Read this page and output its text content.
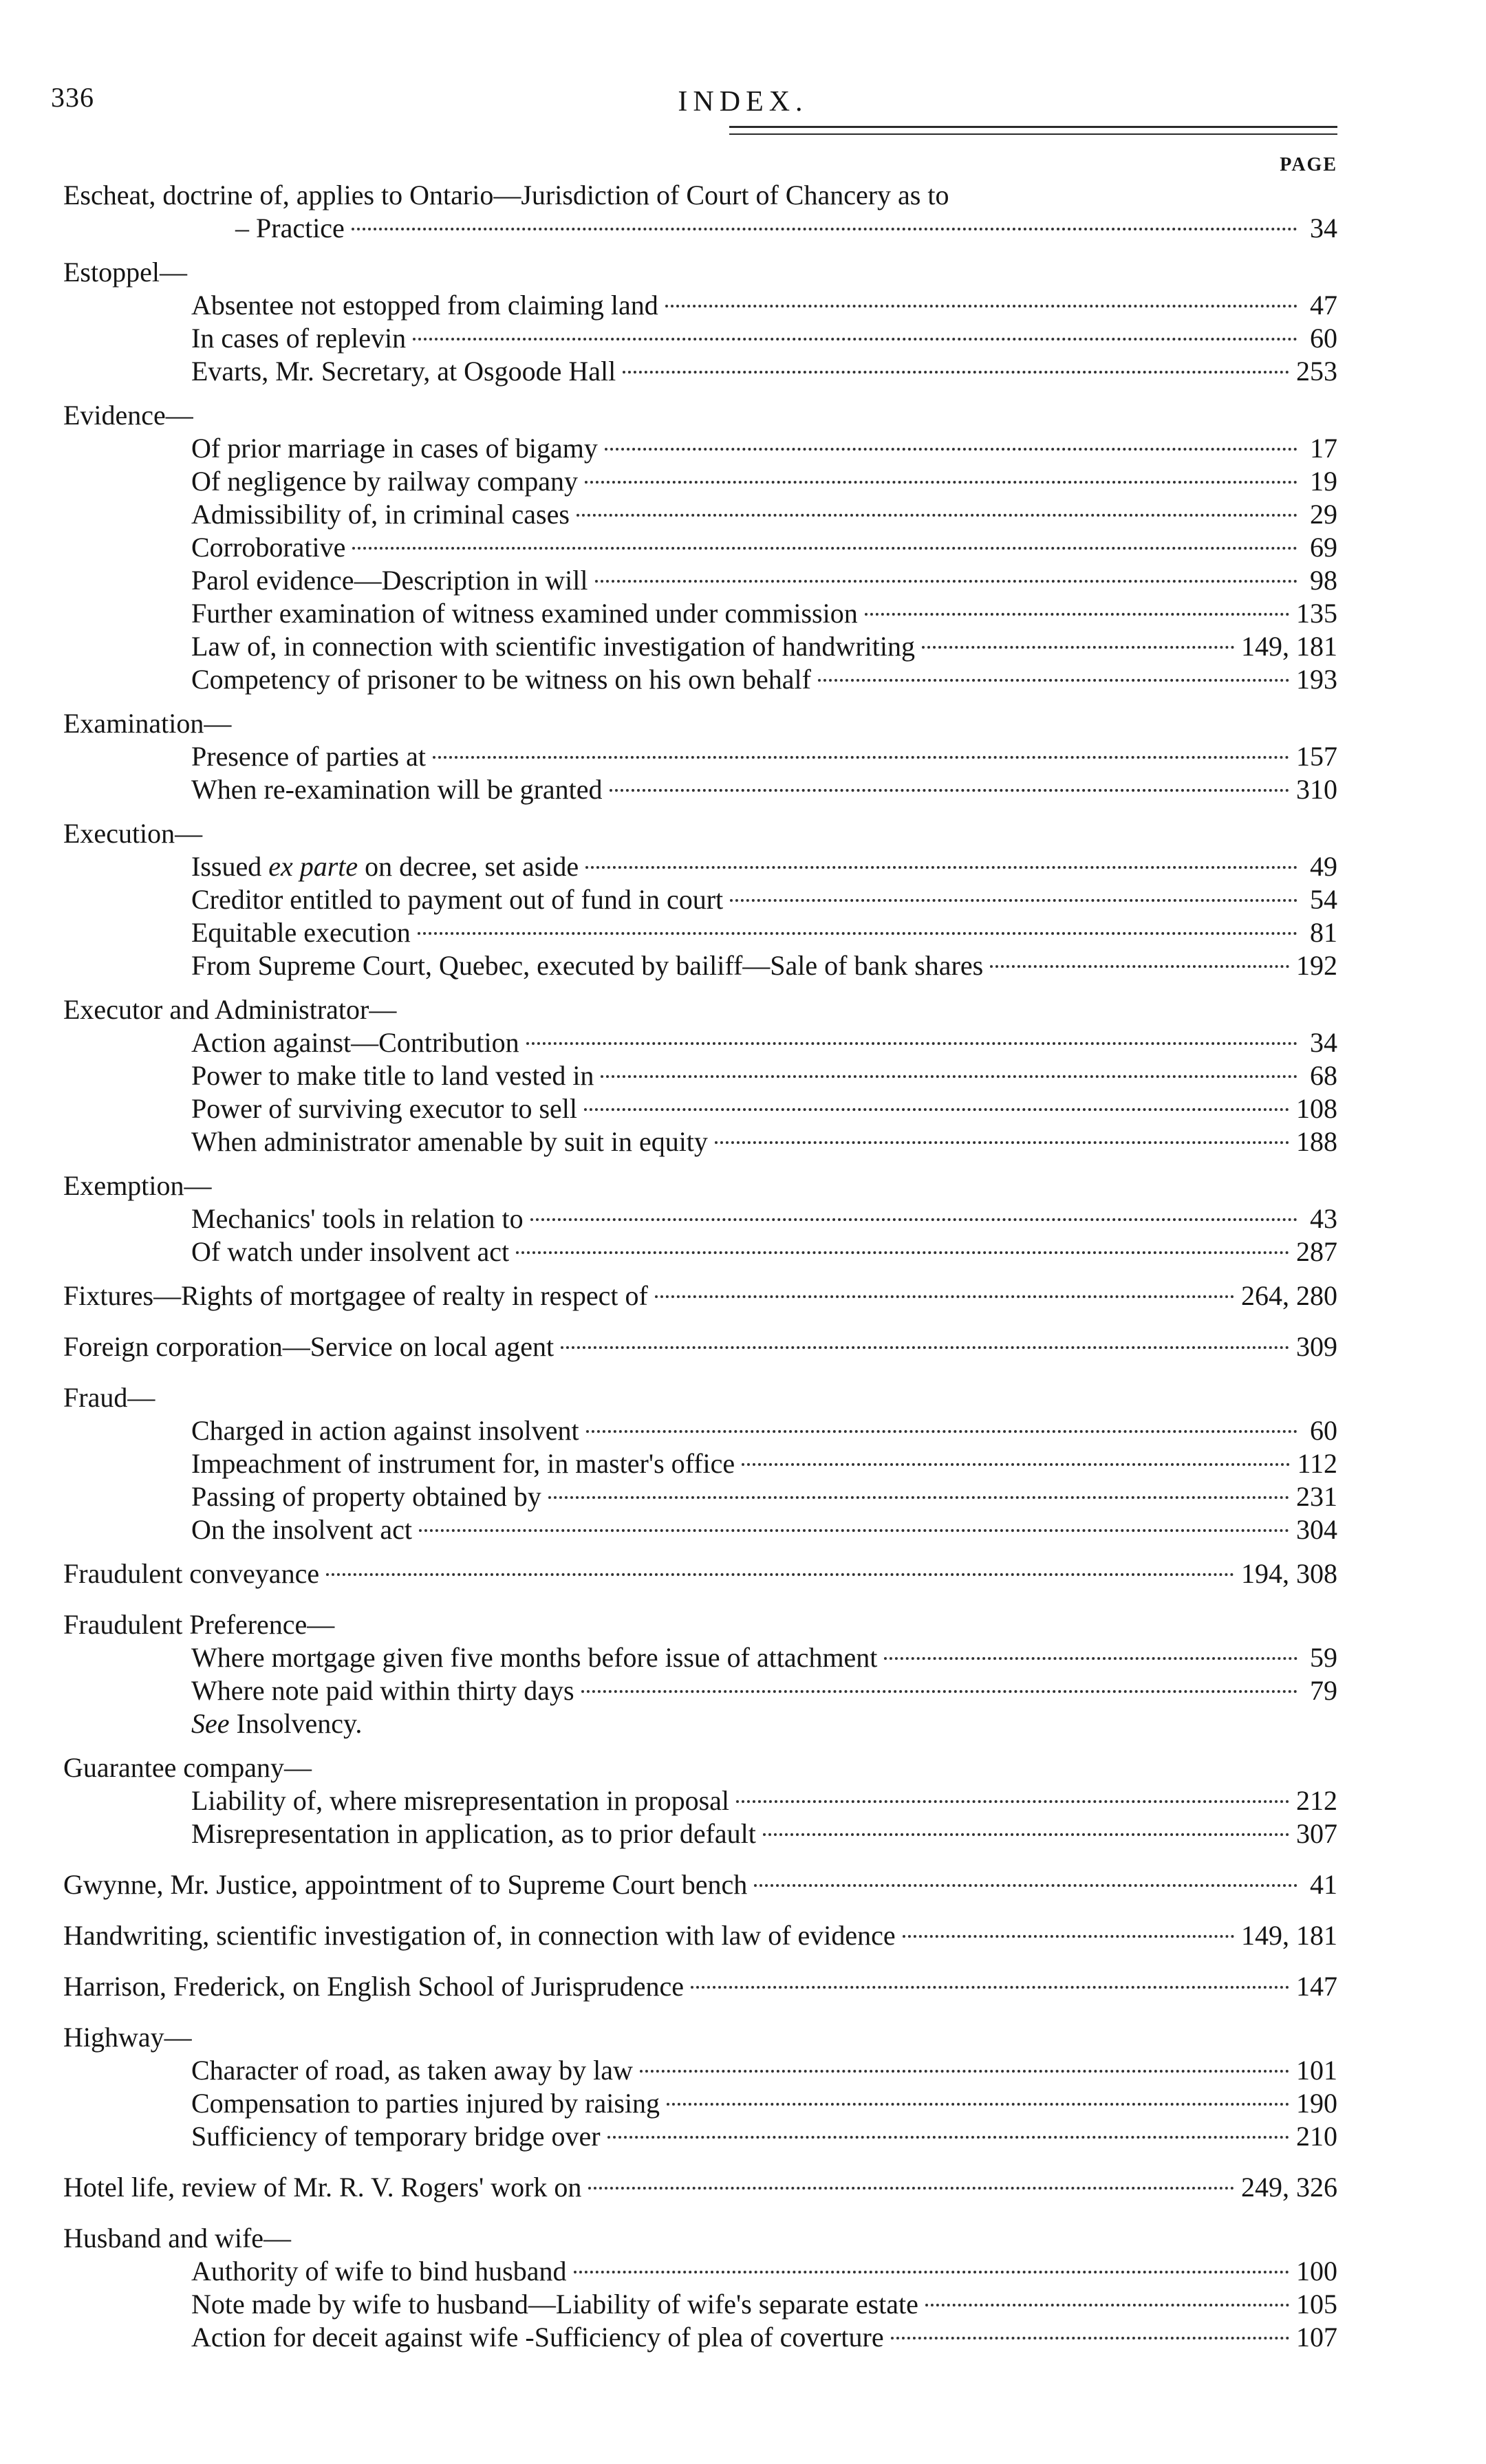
336	INDEX.
PAGE
Escheat, doctrine of, applies to Ontario—Jurisdiction of Court of Chancery as to
– Practice	34
Estoppel—
Absentee not estopped from claiming land	47
In cases of replevin	60
Evarts, Mr. Secretary, at Osgoode Hall	253
Evidence—
Of prior marriage in cases of bigamy	17
Of negligence by railway company	19
Admissibility of, in criminal cases	29
Corroborative	69
Parol evidence—Description in will	98
Further examination of witness examined under commission	135
Law of, in connection with scientific investigation of handwriting	149, 181
Competency of prisoner to be witness on his own behalf	193
Examination—
Presence of parties at	157
When re-examination will be granted	310
Execution—
Issued ex parte on decree, set aside	49
Creditor entitled to payment out of fund in court	54
Equitable execution	81
From Supreme Court, Quebec, executed by bailiff—Sale of bank shares	192
Executor and Administrator—
Action against—Contribution	34
Power to make title to land vested in	68
Power of surviving executor to sell	108
When administrator amenable by suit in equity	188
Exemption—
Mechanics' tools in relation to	43
Of watch under insolvent act	287
Fixtures—Rights of mortgagee of realty in respect of	264, 280
Foreign corporation—Service on local agent	309
Fraud—
Charged in action against insolvent	60
Impeachment of instrument for, in master's office	112
Passing of property obtained by	231
On the insolvent act	304
Fraudulent conveyance	194, 308
Fraudulent Preference—
Where mortgage given five months before issue of attachment	59
Where note paid within thirty days	79
See Insolvency.
Guarantee company—
Liability of, where misrepresentation in proposal	212
Misrepresentation in application, as to prior default	307
Gwynne, Mr. Justice, appointment of to Supreme Court bench	41
Handwriting, scientific investigation of, in connection with law of evidence	149, 181
Harrison, Frederick, on English School of Jurisprudence	147
Highway—
Character of road, as taken away by law	101
Compensation to parties injured by raising	190
Sufficiency of temporary bridge over	210
Hotel life, review of Mr. R. V. Rogers' work on	249, 326
Husband and wife—
Authority of wife to bind husband	100
Note made by wife to husband—Liability of wife's separate estate	105
Action for deceit against wife -Sufficiency of plea of coverture	107
